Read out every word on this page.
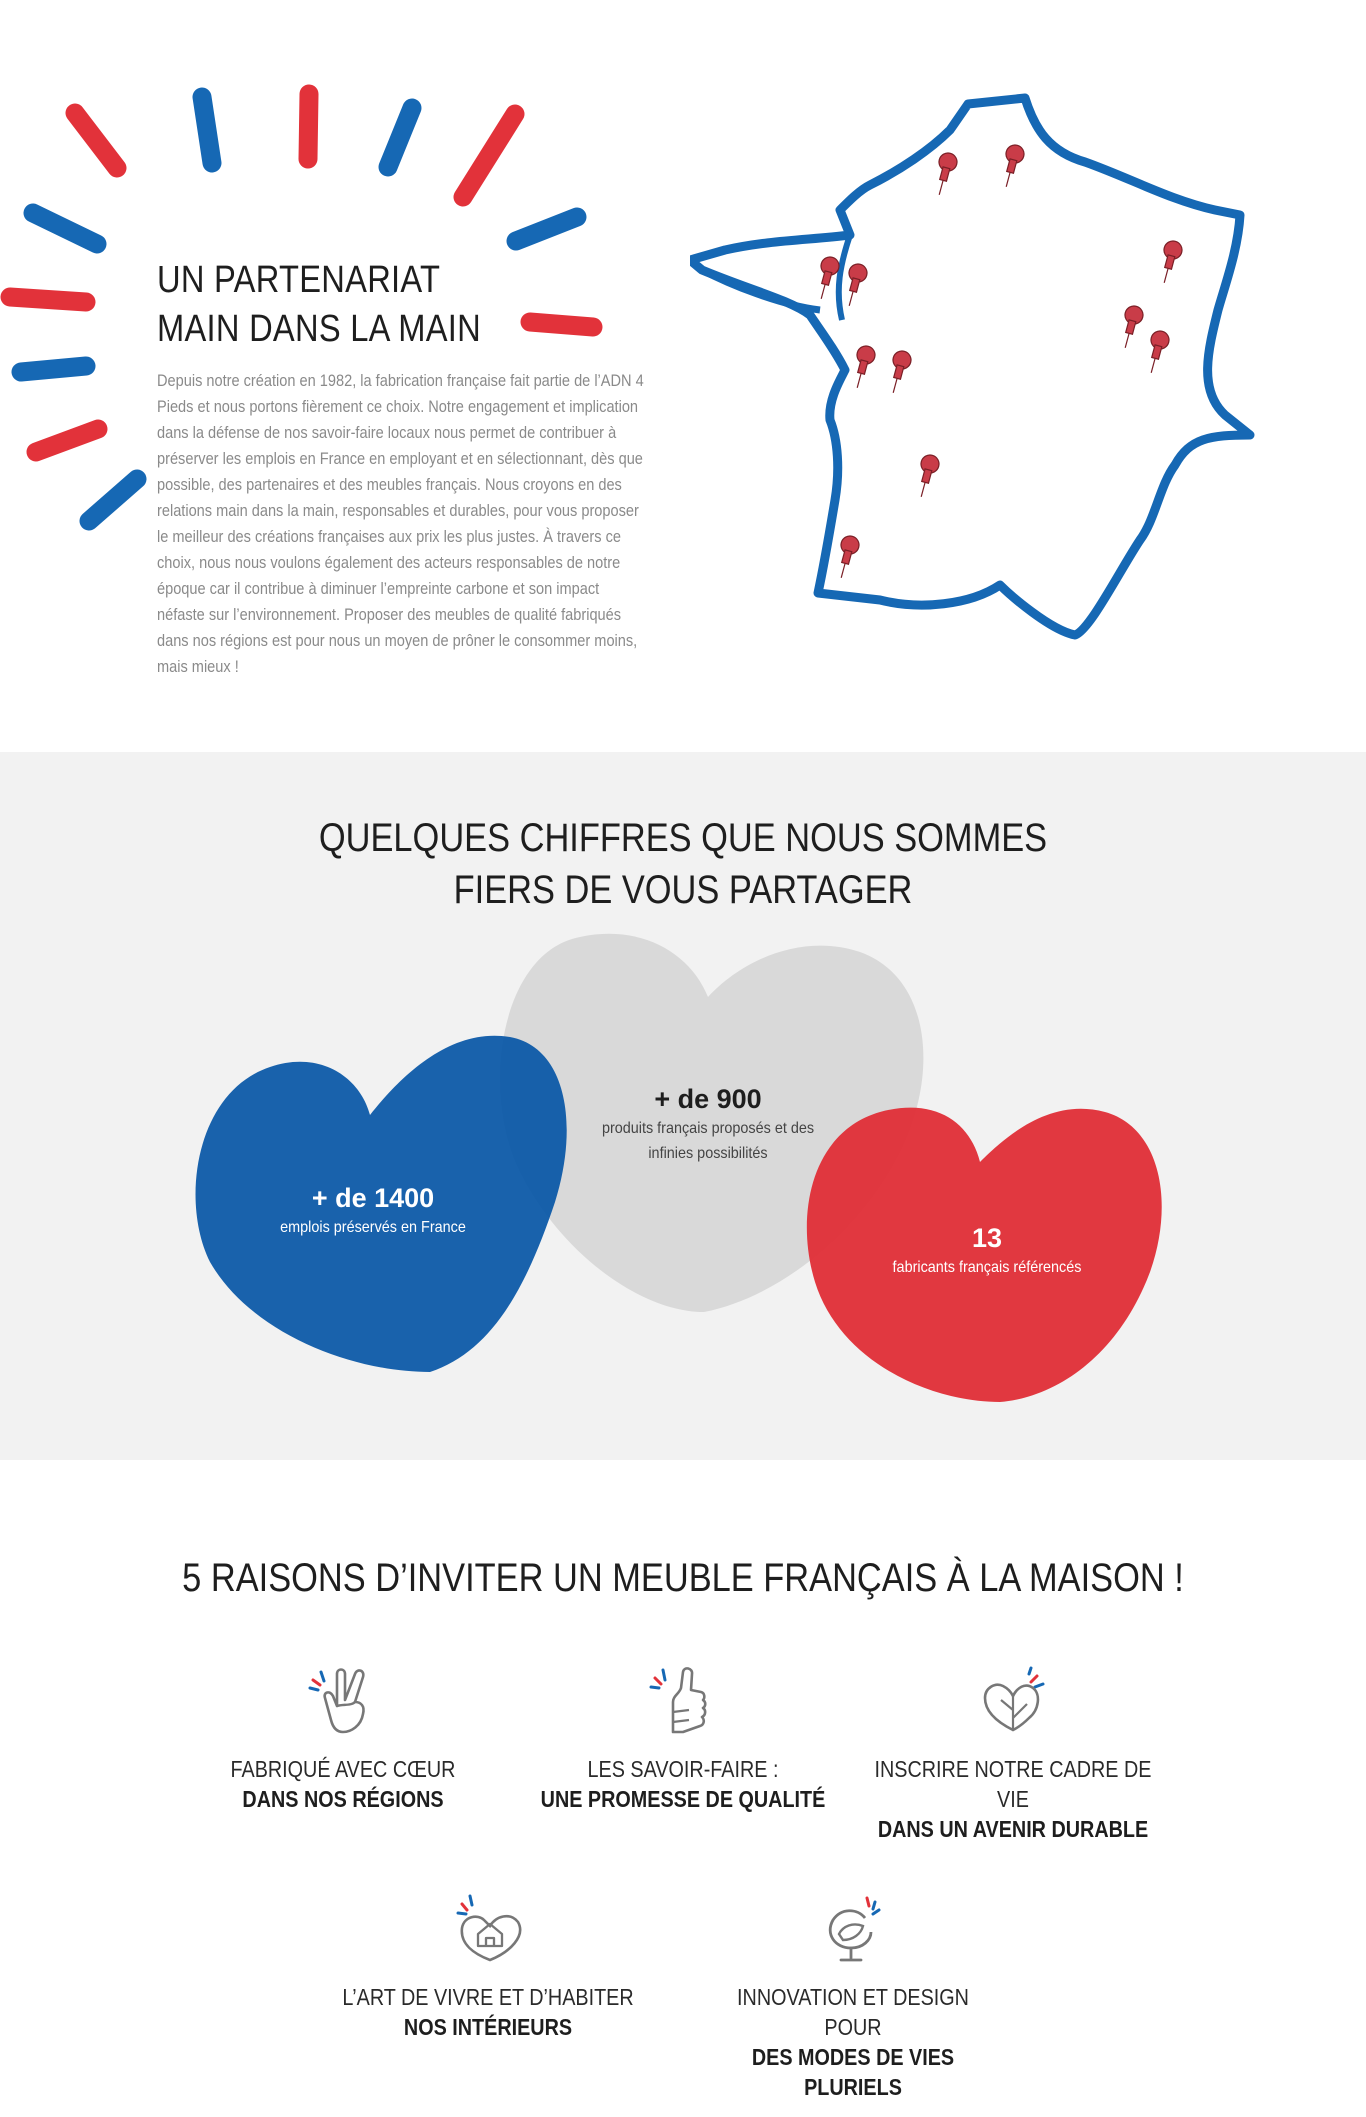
UN PARTENARIAT
MAIN DANS LA MAIN

Depuis notre création en 1982, la fabrication française fait partie de l’ADN 4 Pieds et nous portons fièrement ce choix. Notre engagement et implication dans la défense de nos savoir-faire locaux nous permet de contribuer à préserver les emplois en France en employant et en sélectionnant, dès que possible, des partenaires et des meubles français. Nous croyons en des relations main dans la main, responsables et durables, pour vous proposer le meilleur des créations françaises aux prix les plus justes. À travers ce choix, nous nous voulons également des acteurs responsables de notre époque car il contribue à diminuer l’empreinte carbone et son impact néfaste sur l’environnement. Proposer des meubles de qualité fabriqués dans nos régions est pour nous un moyen de prôner le consommer moins, mais mieux !

QUELQUES CHIFFRES QUE NOUS SOMMES
FIERS DE VOUS PARTAGER
+ de 1400
emplois préservés en France
+ de 900
produits français proposés et des
infinies possibilités
13
fabricants français référencés
5 RAISONS D’INVITER UN MEUBLE FRANÇAIS À LA MAISON !
FABRIQUÉ AVEC CŒUR
DANS NOS RÉGIONS
LES SAVOIR-FAIRE :
UNE PROMESSE DE QUALITÉ
INSCRIRE NOTRE CADRE DE VIE
DANS UN AVENIR DURABLE
L’ART DE VIVRE ET D’HABITER
NOS INTÉRIEURS
INNOVATION ET DESIGN POUR
DES MODES DE VIES PLURIELS
